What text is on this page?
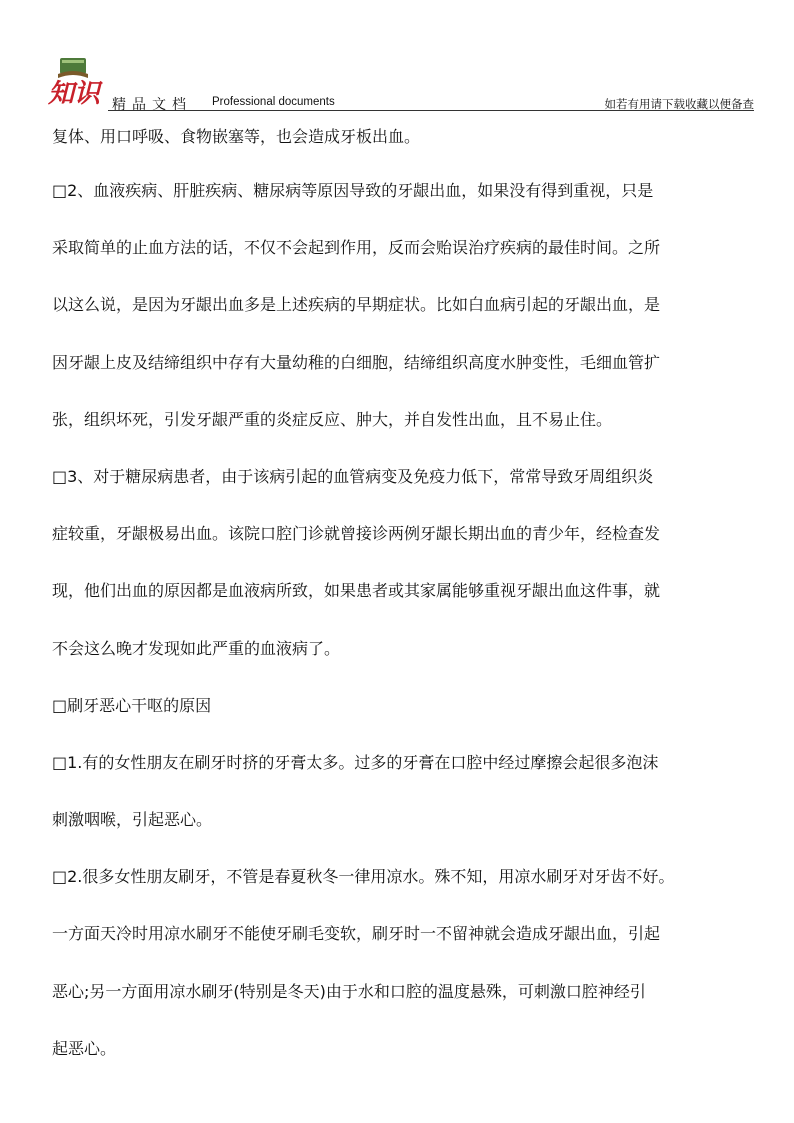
知识 精品文档 Professional documents	如若有用请下载收藏以便备查
复体、用口呼吸、食物嵌塞等，也会造成牙板出血。
□2、血液疾病、肝脏疾病、糖尿病等原因导致的牙龈出血，如果没有得到重视，只是
采取简单的止血方法的话，不仅不会起到作用，反而会贻误治疗疾病的最佳时间。之所
以这么说，是因为牙龈出血多是上述疾病的早期症状。比如白血病引起的牙龈出血，是
因牙龈上皮及结缔组织中存有大量幼稚的白细胞，结缔组织高度水肿变性，毛细血管扩
张，组织坏死，引发牙龈严重的炎症反应、肿大，并自发性出血，且不易止住。
□3、对于糖尿病患者，由于该病引起的血管病变及免疫力低下，常常导致牙周组织炎
症较重，牙龈极易出血。该院口腔门诊就曾接诊两例牙龈长期出血的青少年，经检查发
现，他们出血的原因都是血液病所致，如果患者或其家属能够重视牙龈出血这件事，就
不会这么晚才发现如此严重的血液病了。
□刷牙恶心干呕的原因
□1.有的女性朋友在刷牙时挤的牙膏太多。过多的牙膏在口腔中经过摩擦会起很多泡沫
刺激咽喉，引起恶心。
□2.很多女性朋友刷牙，不管是春夏秋冬一律用凉水。殊不知，用凉水刷牙对牙齿不好。
一方面天冷时用凉水刷牙不能使牙刷毛变软，刷牙时一不留神就会造成牙龈出血，引起
恶心;另一方面用凉水刷牙(特别是冬天)由于水和口腔的温度悬殊，可刺激口腔神经引
起恶心。
